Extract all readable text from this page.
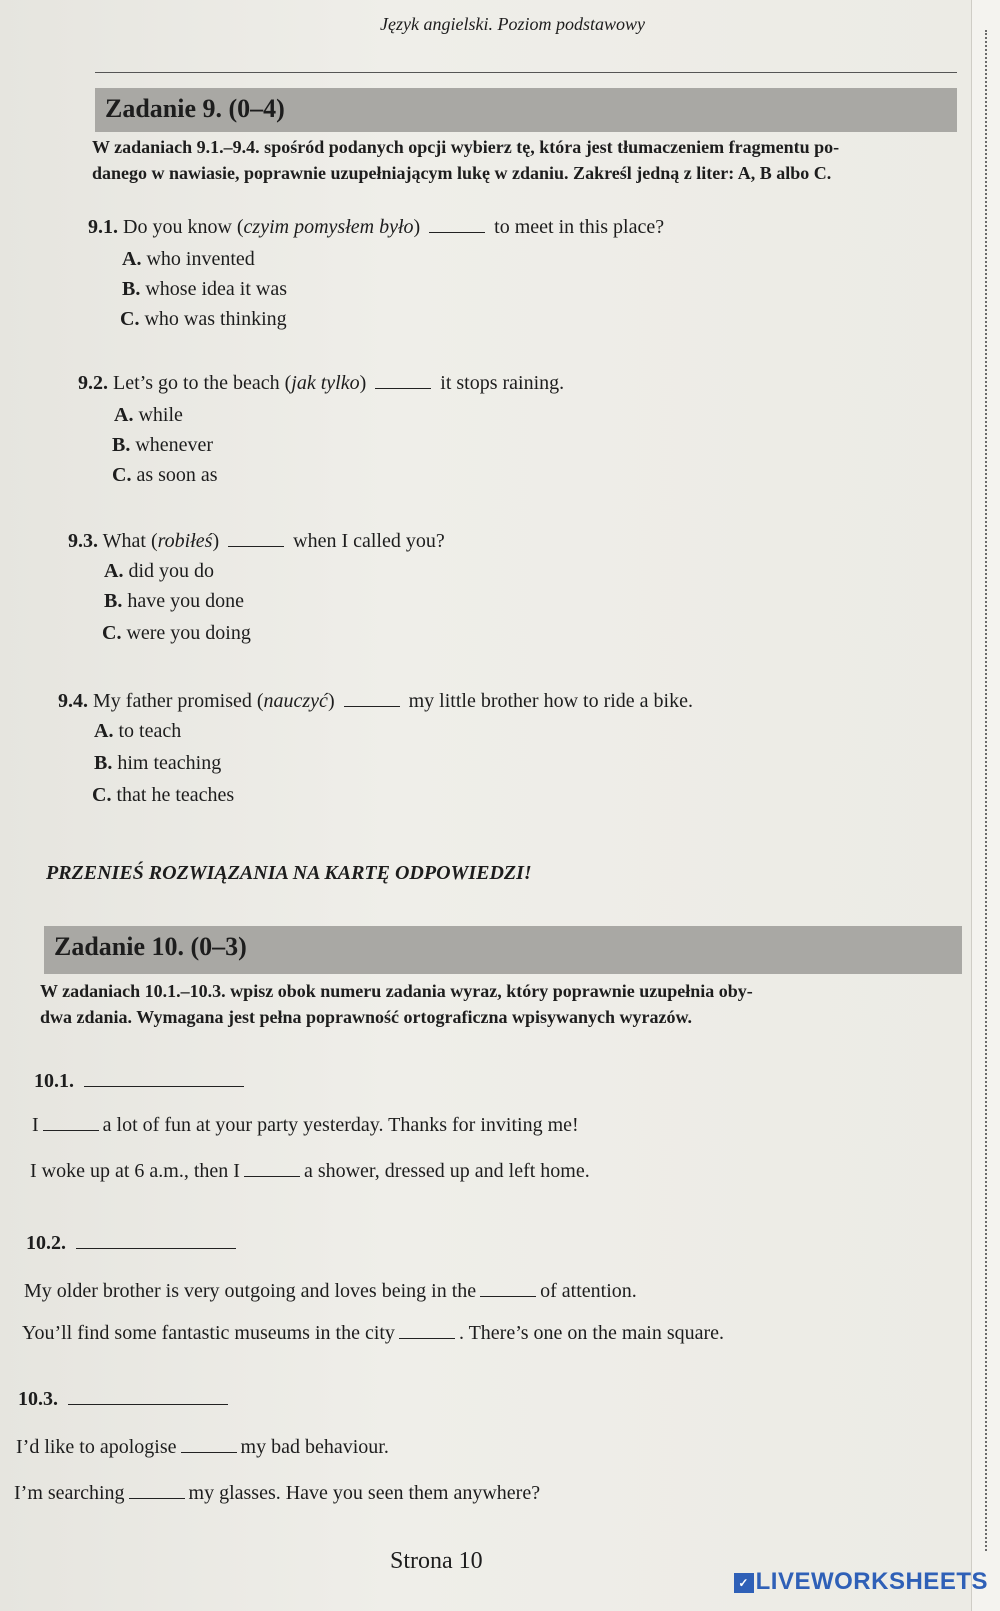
Język angielski. Poziom podstawowy
Zadanie 9. (0–4)
W zadaniach 9.1.–9.4. spośród podanych opcji wybierz tę, która jest tłumaczeniem fragmentu po-
danego w nawiasie, poprawnie uzupełniającym lukę w zdaniu. Zakreśl jedną z liter: A, B albo C.
9.1. Do you know (czyim pomysłem było)	to meet in this place?
A. who invented
B. whose idea it was
C. who was thinking
9.2. Let’s go to the beach (jak tylko)	it stops raining.
A. while
B. whenever
C. as soon as
9.3. What (robiłeś)	when I called you?
A. did you do
B. have you done
C. were you doing
9.4. My father promised (nauczyć)	my little brother how to ride a bike.
A. to teach
B. him teaching
C. that he teaches
PRZENIEŚ ROZWIĄZANIA NA KARTĘ ODPOWIEDZI!
Zadanie 10. (0–3)
W zadaniach 10.1.–10.3. wpisz obok numeru zadania wyraz, który poprawnie uzupełnia oby-
dwa zdania. Wymagana jest pełna poprawność ortograficzna wpisywanych wyrazów.
10.1.
I	a lot of fun at your party yesterday. Thanks for inviting me!
I woke up at 6 a.m., then I	a shower, dressed up and left home.
10.2.
My older brother is very outgoing and loves being in the	of attention.
You’ll find some fantastic museums in the city	. There’s one on the main square.
10.3.
I’d like to apologise	my bad behaviour.
I’m searching	my glasses. Have you seen them anywhere?
Strona 10
✓ LIVEWORKSHEETS
